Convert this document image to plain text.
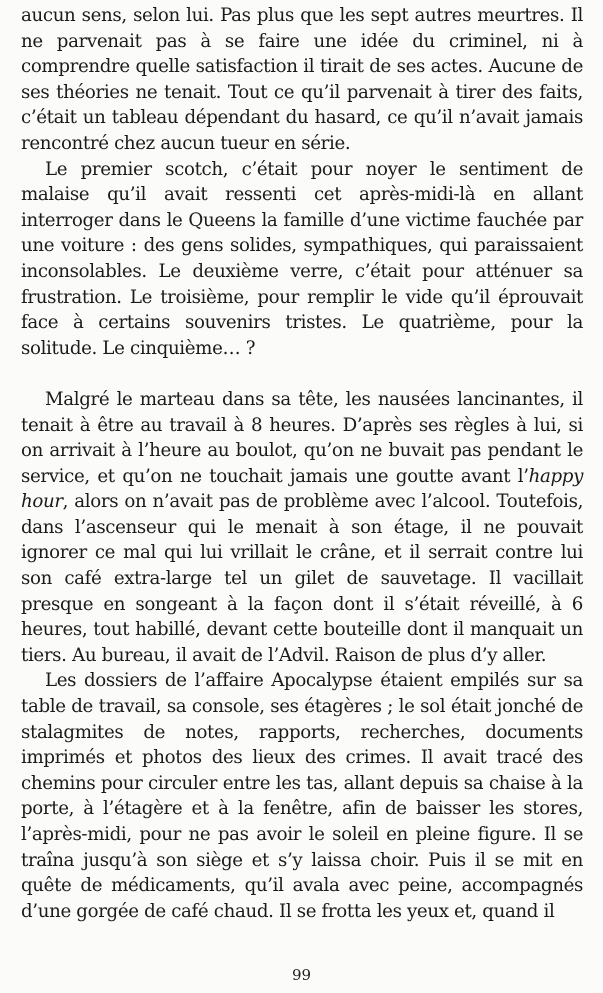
aucun sens, selon lui. Pas plus que les sept autres meurtres. Il ne parvenait pas à se faire une idée du criminel, ni à comprendre quelle satisfaction il tirait de ses actes. Aucune de ses théories ne tenait. Tout ce qu’il parvenait à tirer des faits, c’était un tableau dépendant du hasard, ce qu’il n’avait jamais rencontré chez aucun tueur en série.

Le premier scotch, c’était pour noyer le sentiment de malaise qu’il avait ressenti cet après-midi-là en allant interroger dans le Queens la famille d’une victime fauchée par une voiture : des gens solides, sympathiques, qui paraissaient inconsolables. Le deuxième verre, c’était pour atténuer sa frustration. Le troisième, pour remplir le vide qu’il éprouvait face à certains souvenirs tristes. Le quatrième, pour la solitude. Le cinquième… ?

Malgré le marteau dans sa tête, les nausées lancinantes, il tenait à être au travail à 8 heures. D’après ses règles à lui, si on arrivait à l’heure au boulot, qu’on ne buvait pas pendant le service, et qu’on ne touchait jamais une goutte avant l’happy hour, alors on n’avait pas de problème avec l’alcool. Toutefois, dans l’ascenseur qui le menait à son étage, il ne pouvait ignorer ce mal qui lui vrillait le crâne, et il serrait contre lui son café extra-large tel un gilet de sauvetage. Il vacillait presque en songeant à la façon dont il s’était réveillé, à 6 heures, tout habillé, devant cette bouteille dont il manquait un tiers. Au bureau, il avait de l’Advil. Raison de plus d’y aller.

Les dossiers de l’affaire Apocalypse étaient empilés sur sa table de travail, sa console, ses étagères ; le sol était jonché de stalagmites de notes, rapports, recherches, documents imprimés et photos des lieux des crimes. Il avait tracé des chemins pour circuler entre les tas, allant depuis sa chaise à la porte, à l’étagère et à la fenêtre, afin de baisser les stores, l’après-midi, pour ne pas avoir le soleil en pleine figure. Il se traîna jusqu’à son siège et s’y laissa choir. Puis il se mit en quête de médicaments, qu’il avala avec peine, accompagnés d’une gorgée de café chaud. Il se frotta les yeux et, quand il

99
